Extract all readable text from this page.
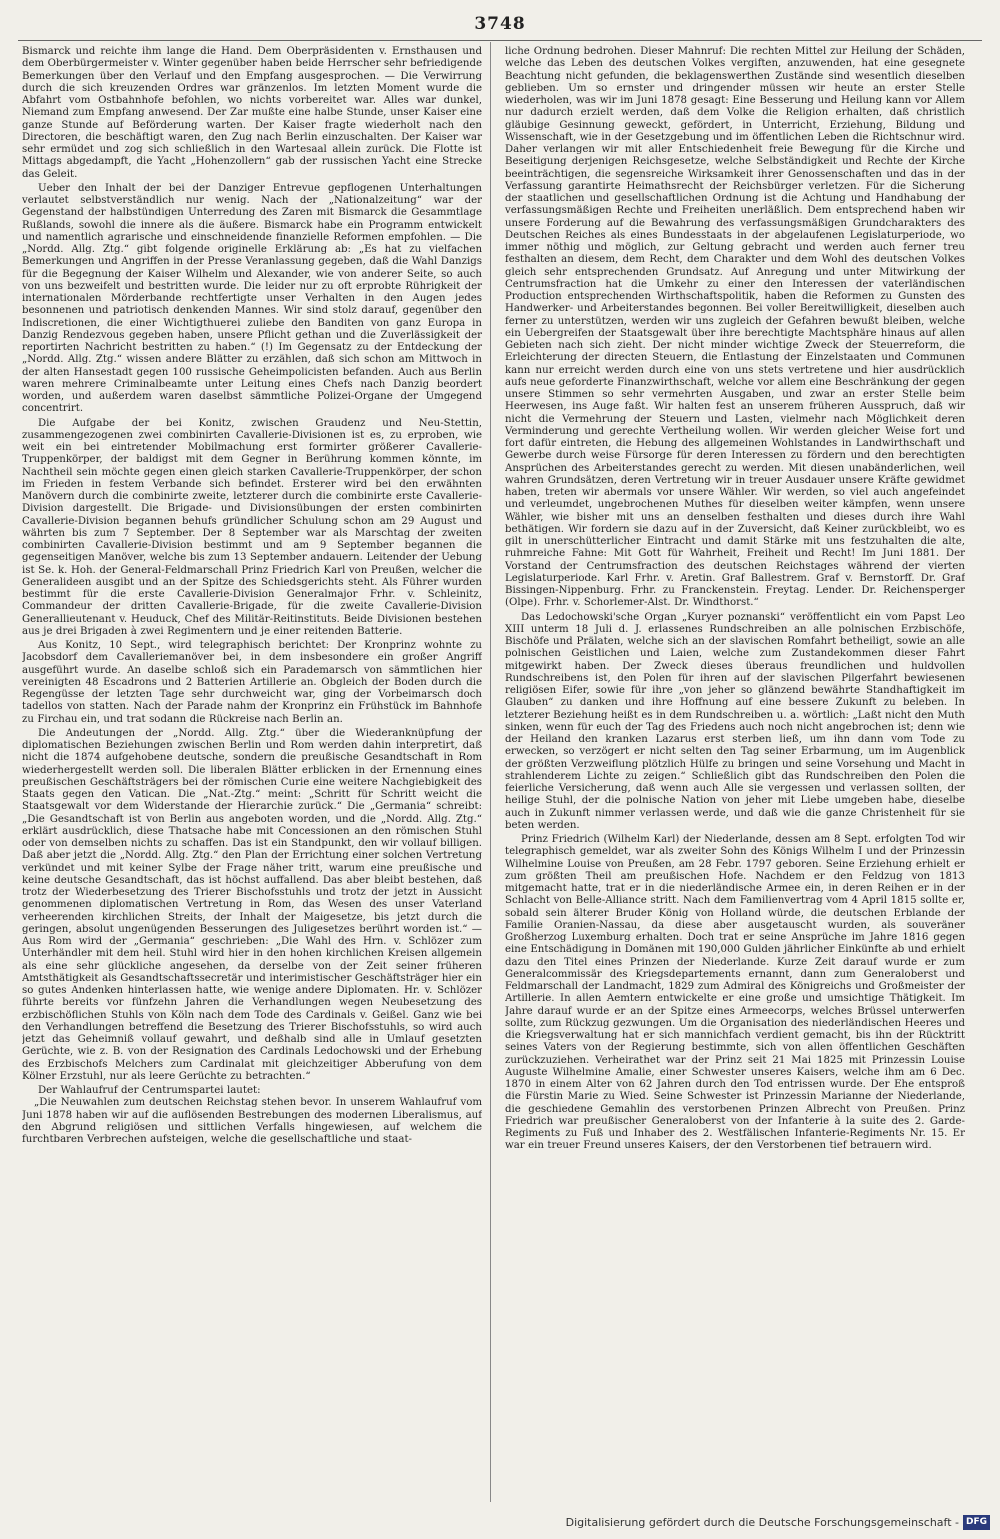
3748

Bismarck und reichte ihm lange die Hand. Dem Oberpräsidenten v. Ernsthausen und dem Oberbürgermeister v. Winter gegenüber haben beide Herrscher sehr befriedigende Bemerkungen über den Verlauf und den Empfang ausgesprochen. — Die Verwirrung durch die sich kreuzenden Ordres war gränzenlos. Im letzten Moment wurde die Abfahrt vom Ostbahnhofe befohlen, wo nichts vorbereitet war. Alles war dunkel, Niemand zum Empfang anwesend. Der Zar mußte eine halbe Stunde, unser Kaiser eine ganze Stunde auf Beförderung warten. Der Kaiser fragte wiederholt nach den Directoren, die beschäftigt waren, den Zug nach Berlin einzuschalten. Der Kaiser war sehr ermüdet und zog sich schließlich in den Wartesaal allein zurück. Die Flotte ist Mittags abgedampft, die Yacht „Hohenzollern“ gab der russischen Yacht eine Strecke das Geleit.

Ueber den Inhalt der bei der Danziger Entrevue gepflogenen Unterhaltungen verlautet selbstverständlich nur wenig. Nach der „Nationalzeitung“ war der Gegenstand der halbstündigen Unterredung des Zaren mit Bismarck die Gesammtlage Rußlands, sowohl die innere als die äußere. Bismarck habe ein Programm entwickelt und namentlich agrarische und einschneidende finanzielle Reformen empfohlen. — Die „Nordd. Allg. Ztg.“ gibt folgende originelle Erklärung ab: „Es hat zu vielfachen Bemerkungen und Angriffen in der Presse Veranlassung gegeben, daß die Wahl Danzigs für die Begegnung der Kaiser Wilhelm und Alexander, wie von anderer Seite, so auch von uns bezweifelt und bestritten wurde. Die leider nur zu oft erprobte Rührigkeit der internationalen Mörderbande rechtfertigte unser Verhalten in den Augen jedes besonnenen und patriotisch denkenden Mannes. Wir sind stolz darauf, gegenüber den Indiscretionen, die einer Wichtigthuerei zuliebe den Banditen von ganz Europa in Danzig Rendezvous gegeben haben, unsere Pflicht gethan und die Zuverlässigkeit der reportirten Nachricht bestritten zu haben.“ (!) Im Gegensatz zu der Entdeckung der „Nordd. Allg. Ztg.“ wissen andere Blätter zu erzählen, daß sich schon am Mittwoch in der alten Hansestadt gegen 100 russische Geheimpolicisten befanden. Auch aus Berlin waren mehrere Criminalbeamte unter Leitung eines Chefs nach Danzig beordert worden, und außerdem waren daselbst sämmtliche Polizei-Organe der Umgegend concentrirt.

Die Aufgabe der bei Konitz, zwischen Graudenz und Neu-Stettin, zusammengezogenen zwei combinirten Cavallerie-Divisionen ist es, zu erproben, wie weit ein bei eintretender Mobilmachung erst formirter größerer Cavallerie-Truppenkörper, der baldigst mit dem Gegner in Berührung kommen könnte, im Nachtheil sein möchte gegen einen gleich starken Cavallerie-Truppenkörper, der schon im Frieden in festem Verbande sich befindet. Ersterer wird bei den erwähnten Manövern durch die combinirte zweite, letzterer durch die combinirte erste Cavallerie-Division dargestellt. Die Brigade- und Divisionsübungen der ersten combinirten Cavallerie-Division begannen behufs gründlicher Schulung schon am 29 August und währten bis zum 7 September. Der 8 September war als Marschtag der zweiten combinirten Cavallerie-Division bestimmt und am 9 September begannen die gegenseitigen Manöver, welche bis zum 13 September andauern. Leitender der Uebung ist Se. k. Hoh. der General-Feldmarschall Prinz Friedrich Karl von Preußen, welcher die Generalideen ausgibt und an der Spitze des Schiedsgerichts steht. Als Führer wurden bestimmt für die erste Cavallerie-Division Generalmajor Frhr. v. Schleinitz, Commandeur der dritten Cavallerie-Brigade, für die zweite Cavallerie-Division Generallieutenant v. Heuduck, Chef des Militär-Reitinstituts. Beide Divisionen bestehen aus je drei Brigaden à zwei Regimentern und je einer reitenden Batterie.

Aus Konitz, 10 Sept., wird telegraphisch berichtet: Der Kronprinz wohnte zu Jacobsdorf dem Cavalleriemanöver bei, in dem insbesondere ein großer Angriff ausgeführt wurde. An daselbe schloß sich ein Parademarsch von sämmtlichen hier vereinigten 48 Escadrons und 2 Batterien Artillerie an. Obgleich der Boden durch die Regengüsse der letzten Tage sehr durchweicht war, ging der Vorbeimarsch doch tadellos von statten. Nach der Parade nahm der Kronprinz ein Frühstück im Bahnhofe zu Firchau ein, und trat sodann die Rückreise nach Berlin an.

Die Andeutungen der „Nordd. Allg. Ztg.“ über die Wiederanknüpfung der diplomatischen Beziehungen zwischen Berlin und Rom werden dahin interpretirt, daß nicht die 1874 aufgehobene deutsche, sondern die preußische Gesandtschaft in Rom wiederhergestellt werden soll. Die liberalen Blätter erblicken in der Ernennung eines preußischen Geschäftsträgers bei der römischen Curie eine weitere Nachgiebigkeit des Staats gegen den Vatican. Die „Nat.-Ztg.“ meint: „Schritt für Schritt weicht die Staatsgewalt vor dem Widerstande der Hierarchie zurück.“ Die „Germania“ schreibt: „Die Gesandtschaft ist von Berlin aus angeboten worden, und die „Nordd. Allg. Ztg.“ erklärt ausdrücklich, diese Thatsache habe mit Concessionen an den römischen Stuhl oder von demselben nichts zu schaffen. Das ist ein Standpunkt, den wir vollauf billigen. Daß aber jetzt die „Nordd. Allg. Ztg.“ den Plan der Errichtung einer solchen Vertretung verkündet und mit keiner Sylbe der Frage näher tritt, warum eine preußische und keine deutsche Gesandtschaft, das ist höchst auffallend. Das aber bleibt bestehen, daß trotz der Wiederbesetzung des Trierer Bischofsstuhls und trotz der jetzt in Aussicht genommenen diplomatischen Vertretung in Rom, das Wesen des unser Vaterland verheerenden kirchlichen Streits, der Inhalt der Maigesetze, bis jetzt durch die geringen, absolut ungenügenden Besserungen des Juligesetzes berührt worden ist.“ — Aus Rom wird der „Germania“ geschrieben: „Die Wahl des Hrn. v. Schlözer zum Unterhändler mit dem heil. Stuhl wird hier in den hohen kirchlichen Kreisen allgemein als eine sehr glückliche angesehen, da derselbe von der Zeit seiner früheren Amtsthätigkeit als Gesandtschaftssecretär und interimistischer Geschäftsträger hier ein so gutes Andenken hinterlassen hatte, wie wenige andere Diplomaten. Hr. v. Schlözer führte bereits vor fünfzehn Jahren die Verhandlungen wegen Neubesetzung des erzbischöflichen Stuhls von Köln nach dem Tode des Cardinals v. Geißel. Ganz wie bei den Verhandlungen betreffend die Besetzung des Trierer Bischofsstuhls, so wird auch jetzt das Geheimniß vollauf gewahrt, und deßhalb sind alle in Umlauf gesetzten Gerüchte, wie z. B. von der Resignation des Cardinals Ledochowski und der Erhebung des Erzbischofs Melchers zum Cardinalat mit gleichzeitiger Abberufung von dem Kölner Erzstuhl, nur als leere Gerüchte zu betrachten.“

Der Wahlaufruf der Centrumspartei lautet:

„Die Neuwahlen zum deutschen Reichstag stehen bevor. In unserem Wahlaufruf vom Juni 1878 haben wir auf die auflösenden Bestrebungen des modernen Liberalismus, auf den Abgrund religiösen und sittlichen Verfalls hingewiesen, auf welchem die furchtbaren Verbrechen aufsteigen, welche die gesellschaftliche und staat-

liche Ordnung bedrohen. Dieser Mahnruf: Die rechten Mittel zur Heilung der Schäden, welche das Leben des deutschen Volkes vergiften, anzuwenden, hat eine gesegnete Beachtung nicht gefunden, die beklagenswerthen Zustände sind wesentlich dieselben geblieben. Um so ernster und dringender müssen wir heute an erster Stelle wiederholen, was wir im Juni 1878 gesagt: Eine Besserung und Heilung kann vor Allem nur dadurch erzielt werden, daß dem Volke die Religion erhalten, daß christlich gläubige Gesinnung geweckt, gefördert, in Unterricht, Erziehung, Bildung und Wissenschaft, wie in der Gesetzgebung und im öffentlichen Leben die Richtschnur wird. Daher verlangen wir mit aller Entschiedenheit freie Bewegung für die Kirche und Beseitigung derjenigen Reichsgesetze, welche Selbständigkeit und Rechte der Kirche beeinträchtigen, die segensreiche Wirksamkeit ihrer Genossenschaften und das in der Verfassung garantirte Heimathsrecht der Reichsbürger verletzen. Für die Sicherung der staatlichen und gesellschaftlichen Ordnung ist die Achtung und Handhabung der verfassungsmäßigen Rechte und Freiheiten unerläßlich. Dem entsprechend haben wir unsere Forderung auf die Bewahrung des verfassungsmäßigen Grundcharakters des Deutschen Reiches als eines Bundesstaats in der abgelaufenen Legislaturperiode, wo immer nöthig und möglich, zur Geltung gebracht und werden auch ferner treu festhalten an diesem, dem Recht, dem Charakter und dem Wohl des deutschen Volkes gleich sehr entsprechenden Grundsatz. Auf Anregung und unter Mitwirkung der Centrumsfraction hat die Umkehr zu einer den Interessen der vaterländischen Production entsprechenden Wirthschaftspolitik, haben die Reformen zu Gunsten des Handwerker- und Arbeiterstandes begonnen. Bei voller Bereitwilligkeit, dieselben auch ferner zu unterstützen, werden wir uns zugleich der Gefahren bewußt bleiben, welche ein Uebergreifen der Staatsgewalt über ihre berechtigte Machtsphäre hinaus auf allen Gebieten nach sich zieht. Der nicht minder wichtige Zweck der Steuerreform, die Erleichterung der directen Steuern, die Entlastung der Einzelstaaten und Communen kann nur erreicht werden durch eine von uns stets vertretene und hier ausdrücklich aufs neue geforderte Finanzwirthschaft, welche vor allem eine Beschränkung der gegen unsere Stimmen so sehr vermehrten Ausgaben, und zwar an erster Stelle beim Heerwesen, ins Auge faßt. Wir halten fest an unserem früheren Ausspruch, daß wir nicht die Vermehrung der Steuern und Lasten, vielmehr nach Möglichkeit deren Verminderung und gerechte Vertheilung wollen. Wir werden gleicher Weise fort und fort dafür eintreten, die Hebung des allgemeinen Wohlstandes in Landwirthschaft und Gewerbe durch weise Fürsorge für deren Interessen zu fördern und den berechtigten Ansprüchen des Arbeiterstandes gerecht zu werden. Mit diesen unabänderlichen, weil wahren Grundsätzen, deren Vertretung wir in treuer Ausdauer unsere Kräfte gewidmet haben, treten wir abermals vor unsere Wähler. Wir werden, so viel auch angefeindet und verleumdet, ungebrochenen Muthes für dieselben weiter kämpfen, wenn unsere Wähler, wie bisher mit uns an denselben festhalten und dieses durch ihre Wahl bethätigen. Wir fordern sie dazu auf in der Zuversicht, daß Keiner zurückbleibt, wo es gilt in unerschütterlicher Eintracht und damit Stärke mit uns festzuhalten die alte, ruhmreiche Fahne: Mit Gott für Wahrheit, Freiheit und Recht! Im Juni 1881. Der Vorstand der Centrumsfraction des deutschen Reichstages während der vierten Legislaturperiode. Karl Frhr. v. Aretin. Graf Ballestrem. Graf v. Bernstorff. Dr. Graf Bissingen-Nippenburg. Frhr. zu Franckenstein. Freytag. Lender. Dr. Reichensperger (Olpe). Frhr. v. Schorlemer-Alst. Dr. Windthorst.“

Das Ledochowski'sche Organ „Kuryer poznanski“ veröffentlicht ein vom Papst Leo XIII unterm 18 Juli d. J. erlassenes Rundschreiben an alle polnischen Erzbischöfe, Bischöfe und Prälaten, welche sich an der slavischen Romfahrt betheiligt, sowie an alle polnischen Geistlichen und Laien, welche zum Zustandekommen dieser Fahrt mitgewirkt haben. Der Zweck dieses überaus freundlichen und huldvollen Rundschreibens ist, den Polen für ihren auf der slavischen Pilgerfahrt bewiesenen religiösen Eifer, sowie für ihre „von jeher so glänzend bewährte Standhaftigkeit im Glauben“ zu danken und ihre Hoffnung auf eine bessere Zukunft zu beleben. In letzterer Beziehung heißt es in dem Rundschreiben u. a. wörtlich: „Laßt nicht den Muth sinken, wenn für euch der Tag des Friedens auch noch nicht angebrochen ist; denn wie der Heiland den kranken Lazarus erst sterben ließ, um ihn dann vom Tode zu erwecken, so verzögert er nicht selten den Tag seiner Erbarmung, um im Augenblick der größten Verzweiflung plötzlich Hülfe zu bringen und seine Vorsehung und Macht in strahlenderem Lichte zu zeigen.“ Schließlich gibt das Rundschreiben den Polen die feierliche Versicherung, daß wenn auch Alle sie vergessen und verlassen sollten, der heilige Stuhl, der die polnische Nation von jeher mit Liebe umgeben habe, dieselbe auch in Zukunft nimmer verlassen werde, und daß wie die ganze Christenheit für sie beten werden.

Prinz Friedrich (Wilhelm Karl) der Niederlande, dessen am 8 Sept. erfolgten Tod wir telegraphisch gemeldet, war als zweiter Sohn des Königs Wilhelm I und der Prinzessin Wilhelmine Louise von Preußen, am 28 Febr. 1797 geboren. Seine Erziehung erhielt er zum größten Theil am preußischen Hofe. Nachdem er den Feldzug von 1813 mitgemacht hatte, trat er in die niederländische Armee ein, in deren Reihen er in der Schlacht von Belle-Alliance stritt. Nach dem Familienvertrag vom 4 April 1815 sollte er, sobald sein älterer Bruder König von Holland würde, die deutschen Erblande der Familie Oranien-Nassau, da diese aber ausgetauscht wurden, als souveräner Großherzog Luxemburg erhalten. Doch trat er seine Ansprüche im Jahre 1816 gegen eine Entschädigung in Domänen mit 190,000 Gulden jährlicher Einkünfte ab und erhielt dazu den Titel eines Prinzen der Niederlande. Kurze Zeit darauf wurde er zum Generalcommissär des Kriegsdepartements ernannt, dann zum Generaloberst und Feldmarschall der Landmacht, 1829 zum Admiral des Königreichs und Großmeister der Artillerie. In allen Aemtern entwickelte er eine große und umsichtige Thätigkeit. Im Jahre darauf wurde er an der Spitze eines Armeecorps, welches Brüssel unterwerfen sollte, zum Rückzug gezwungen. Um die Organisation des niederländischen Heeres und die Kriegsverwaltung hat er sich mannichfach verdient gemacht, bis ihn der Rücktritt seines Vaters von der Regierung bestimmte, sich von allen öffentlichen Geschäften zurückzuziehen. Verheirathet war der Prinz seit 21 Mai 1825 mit Prinzessin Louise Auguste Wilhelmine Amalie, einer Schwester unseres Kaisers, welche ihm am 6 Dec. 1870 in einem Alter von 62 Jahren durch den Tod entrissen wurde. Der Ehe entsproß die Fürstin Marie zu Wied. Seine Schwester ist Prinzessin Marianne der Niederlande, die geschiedene Gemahlin des verstorbenen Prinzen Albrecht von Preußen. Prinz Friedrich war preußischer Generaloberst von der Infanterie à la suite des 2. Garde-Regiments zu Fuß und Inhaber des 2. Westfälischen Infanterie-Regiments Nr. 15. Er war ein treuer Freund unseres Kaisers, der den Verstorbenen tief betrauern wird.

Digitalisierung gefördert durch die Deutsche Forschungsgemeinschaft - DFG
